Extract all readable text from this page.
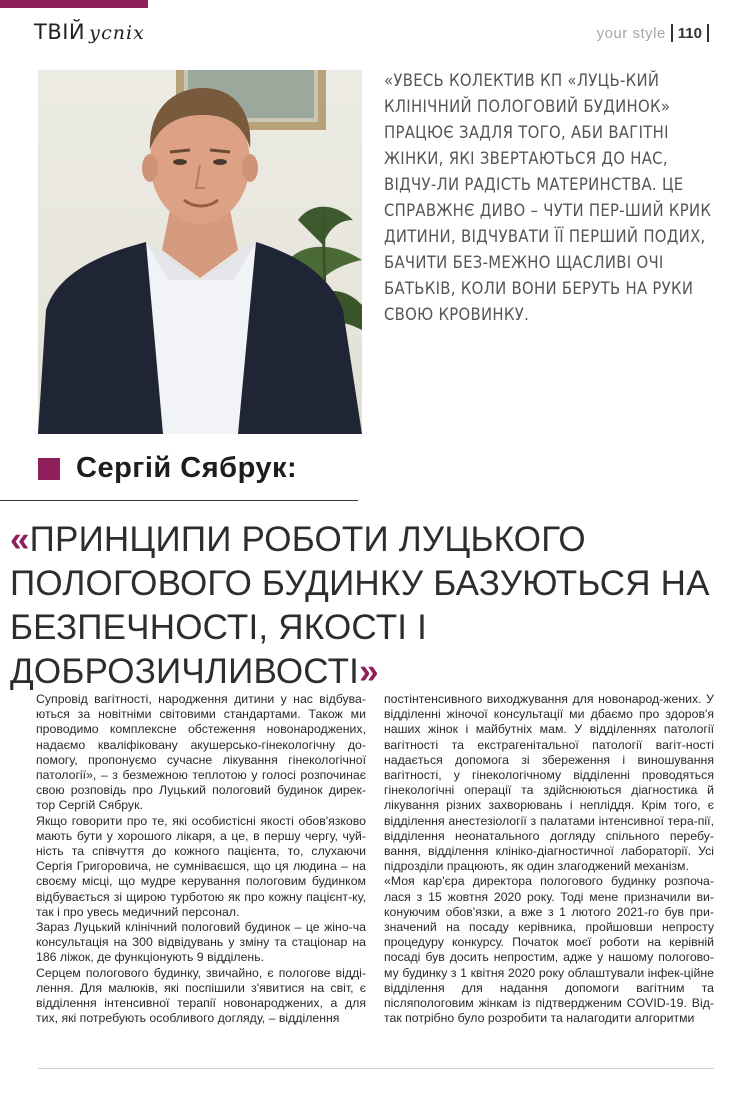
ТВІЙ успіх	your style 110
«УВЕСЬ КОЛЕКТИВ КП «ЛУЦЬ-КИЙ КЛІНІЧНИЙ ПОЛОГОВИЙ БУДИНОК» ПРАЦЮЄ ЗАДЛЯ ТОГО, АБИ ВАГІТНІ ЖІНКИ, ЯКІ ЗВЕРТАЮТЬСЯ ДО НАС, ВІДЧУ-ЛИ РАДІСТЬ МАТЕРИНСТВА. ЦЕ СПРАВЖНЄ ДИВО – ЧУТИ ПЕР-ШИЙ КРИК ДИТИНИ, ВІДЧУВАТИ ЇЇ ПЕРШИЙ ПОДИХ, БАЧИТИ БЕЗ-МЕЖНО ЩАСЛИВІ ОЧІ БАТЬКІВ, КОЛИ ВОНИ БЕРУТЬ НА РУКИ СВОЮ КРОВИНКУ.
Сергій Сябрук:
«ПРИНЦИПИ РОБОТИ ЛУЦЬКОГО ПОЛОГОВОГО БУДИНКУ БАЗУЮТЬСЯ НА БЕЗПЕЧНОСТІ, ЯКОСТІ І ДОБРОЗИЧЛИВОСТІ»

Супровід вагітності, народження дитини у нас відбува-ються за новітніми світовими стандартами. Також ми проводимо комплексне обстеження новонароджених, надаємо кваліфіковану акушерсько-гінекологічну до-помогу, пропонуємо сучасне лікування гінекологічної патології», – з безмежною теплотою у голосі розпочинає свою розповідь про Луцький пологовий будинок дирек-тор Сергій Сябрук.

Якщо говорити про те, які особистісні якості обов'язково мають бути у хорошого лікаря, а це, в першу чергу, чуй-ність та співчуття до кожного пацієнта, то, слухаючи Сергія Григоровича, не сумніваєшся, що ця людина – на своєму місці, що мудре керування пологовим будинком відбувається зі щирою турботою як про кожну пацієнт-ку, так і про увесь медичний персонал.

Зараз Луцький клінічний пологовий будинок – це жіно-ча консультація на 300 відвідувань у зміну та стаціонар на 186 ліжок, де функціонують 9 відділень.

Серцем пологового будинку, звичайно, є пологове відді-лення. Для малюків, які поспішили з'явитися на світ, є відділення інтенсивної терапії новонароджених, а для тих, які потребують особливого догляду, – відділення

постінтенсивного виходжування для новонарод-жених. У відділенні жіночої консультації ми дбаємо про здоров'я наших жінок і майбутніх мам. У відділеннях патології вагітності та екстрагенітальної патології вагіт-ності надається допомога зі збереження і виношування вагітності, у гінекологічному відділенні проводяться гінекологічні операції та здійснюються діагностика й лікування різних захворювань і непліддя. Крім того, є відділення анестезіології з палатами інтенсивної тера-пії, відділення неонатального догляду спільного перебу-вання, відділення клініко-діагностичної лабораторії. Усі підрозділи працюють, як один злагоджений механізм.

«Моя кар'єра директора пологового будинку розпоча-лася з 15 жовтня 2020 року. Тоді мене призначили ви-конуючим обов'язки, а вже з 1 лютого 2021-го був при-значений на посаду керівника, пройшовши непросту процедуру конкурсу. Початок моєї роботи на керівній посаді був досить непростим, адже у нашому пологово-му будинку з 1 квітня 2020 року облаштували інфек-ційне відділення для надання допомоги вагітним та післяпологовим жінкам із підтвердженим COVID-19. Від-так потрібно було розробити та налагодити алгоритми
